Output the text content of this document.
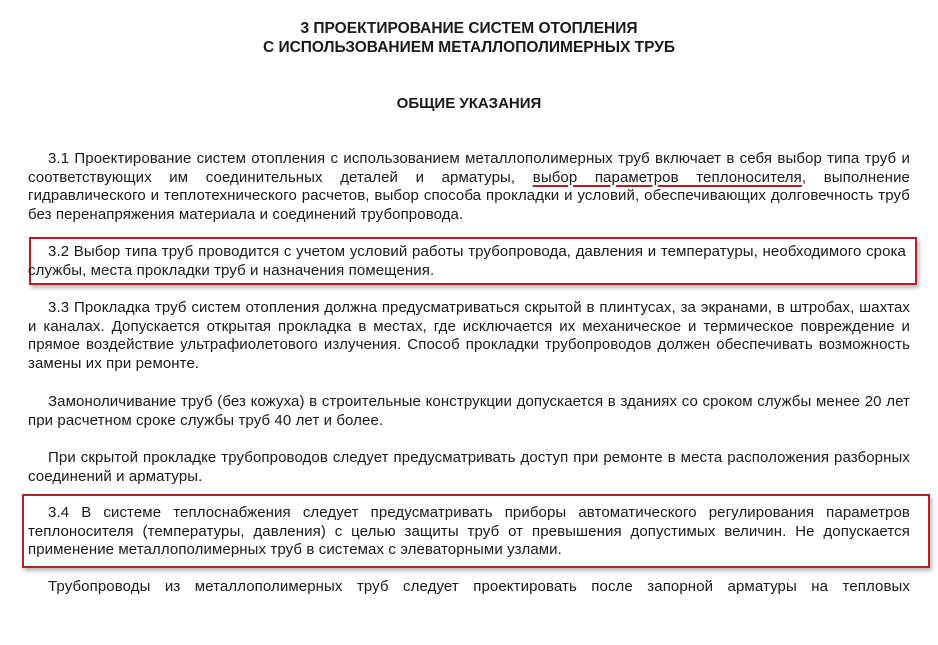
3 ПРОЕКТИРОВАНИЕ СИСТЕМ ОТОПЛЕНИЯ
С ИСПОЛЬЗОВАНИЕМ МЕТАЛЛОПОЛИМЕРНЫХ ТРУБ
ОБЩИЕ УКАЗАНИЯ

3.1 Проектирование систем отопления с использованием металлополимерных труб включает в себя выбор типа труб и соответствующих им соединительных деталей и арматуры, выбор параметров теплоносителя, выполнение гидравлического и теплотехнического расчетов, выбор способа прокладки и условий, обеспечивающих долговечность труб без перенапряжения материала и соединений трубопровода.

3.2 Выбор типа труб проводится с учетом условий работы трубопровода, давления и температуры, необходимого срока службы, места прокладки труб и назначения помещения.

3.3 Прокладка труб систем отопления должна предусматриваться скрытой в плинтусах, за экранами, в штробах, шахтах и каналах. Допускается открытая прокладка в местах, где исключается их механическое и термическое повреждение и прямое воздействие ультрафиолетового излучения. Способ прокладки трубопроводов должен обеспечивать возможность замены их при ремонте.

Замоноличивание труб (без кожуха) в строительные конструкции допускается в зданиях со сроком службы менее 20 лет при расчетном сроке службы труб 40 лет и более.

При скрытой прокладке трубопроводов следует предусматривать доступ при ремонте в места расположения разборных соединений и арматуры.

3.4 В системе теплоснабжения следует предусматривать приборы автоматического регулирования параметров теплоносителя (температуры, давления) с целью защиты труб от превышения допустимых величин. Не допускается применение металлополимерных труб в системах с элеваторными узлами.

Трубопроводы из металлополимерных труб следует проектировать после запорной арматуры на тепловых
